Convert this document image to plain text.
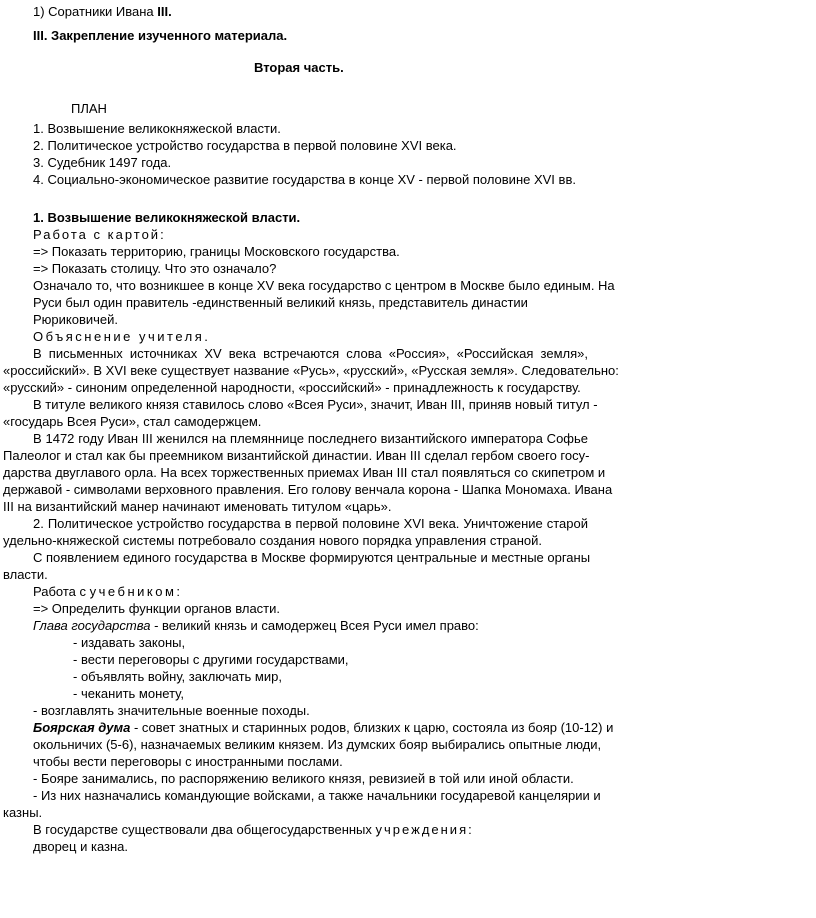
1) Соратники Ивана III.
III. Закрепление изученного материала.
Вторая часть.
ПЛАН
1. Возвышение великокняжеской власти.
2. Политическое устройство государства в первой половине XVI века.
3. Судебник 1497 года.
4. Социально-экономическое развитие государства в конце XV - первой половине XVI вв.
1. Возвышение великокняжеской власти.
Работа с картой:
=> Показать территорию, границы Московского государства.
=> Показать столицу. Что это означало?
Означало то, что возникшее в конце XV века государство с центром в Москве было единым. На
Руси был один правитель -единственный великий князь, представитель династии
Рюриковичей.
Объяснение учителя.
В письменных источниках XV века встречаются слова «Россия», «Российская земля»,
«российский». В XVI веке существует название «Русь», «русский», «Русская земля». Следовательно:
«русский» - синоним определенной народности, «российский» - принадлежность к государству.
В титуле великого князя ставилось слово «Всея Руси», значит, Иван III, приняв новый титул -
«государь Всея Руси», стал самодержцем.
В 1472 году Иван III женился на племяннице последнего византийского императора Софье
Палеолог и стал как бы преемником византийской династии. Иван III сделал гербом своего госу-
дарства двуглавого орла. На всех торжественных приемах Иван III стал появляться со скипетром и
державой - символами верховного правления. Его голову венчала корона - Шапка Мономаха. Ивана
III на византийский манер начинают именовать титулом «царь».
2. Политическое устройство государства в первой половине XVI века. Уничтожение старой
удельно-княжеской системы потребовало создания нового порядка управления страной.
С появлением единого государства в Москве формируются центральные и местные органы
власти.
Работа с учебником:
=> Определить функции органов власти.
Глава государства - великий князь и самодержец Всея Руси имел право:
- издавать законы,
- вести переговоры с другими государствами,
- объявлять войну, заключать мир,
- чеканить монету,
- возглавлять значительные военные походы.
Боярская дума - совет знатных и старинных родов, близких к царю, состояла из бояр (10-12) и
окольничих (5-6), назначаемых великим князем. Из думских бояр выбирались опытные люди,
чтобы вести переговоры с иностранными послами.
- Бояре занимались, по распоряжению великого князя, ревизией в той или иной области.
- Из них назначались командующие войсками, а также начальники государевой канцелярии и
казны.
В государстве существовали два общегосударственных учреждения:
дворец и казна.
